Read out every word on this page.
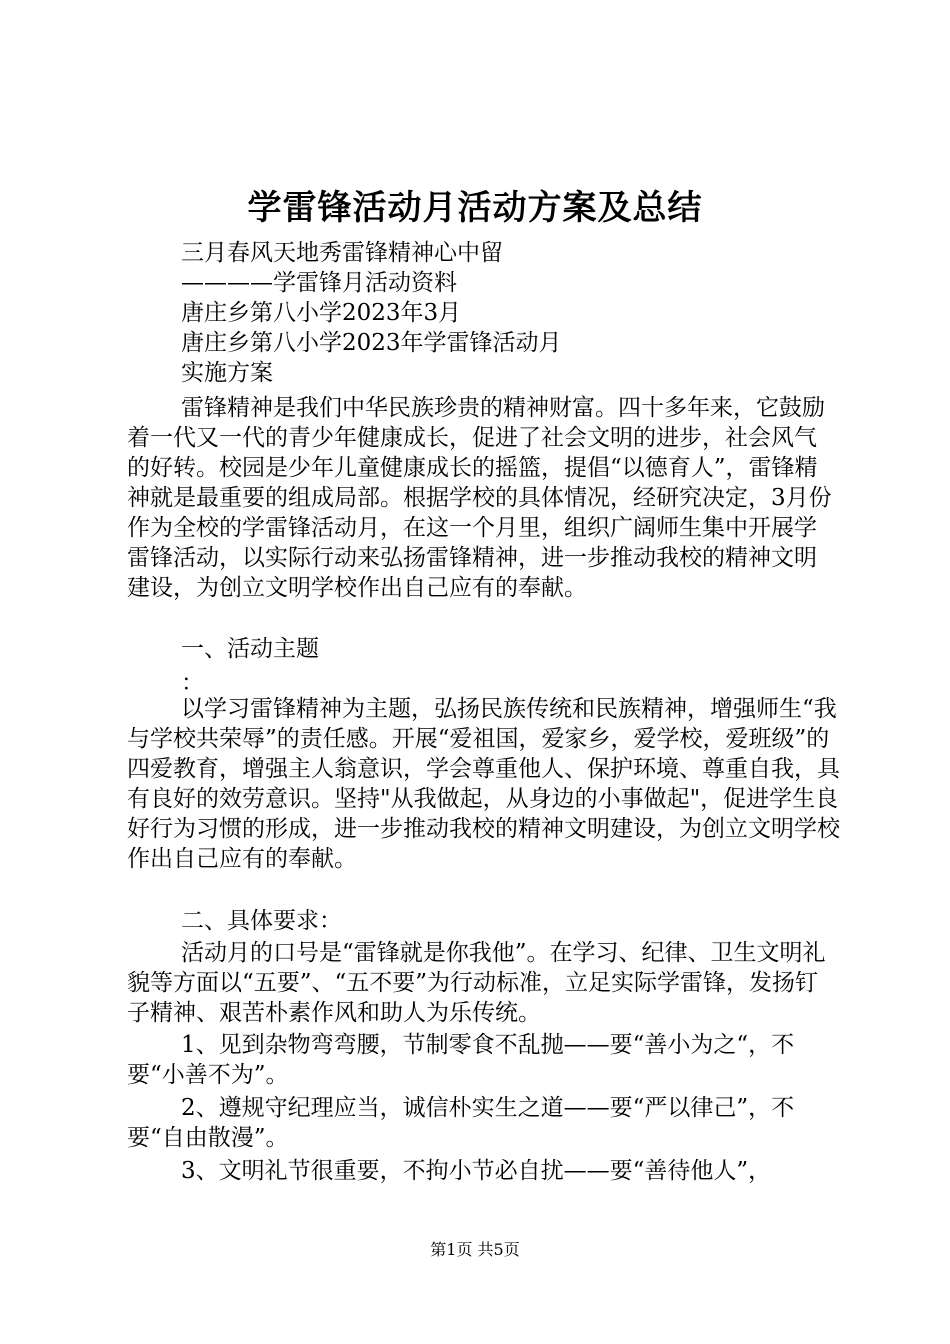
学雷锋活动月活动方案及总结
三月春风天地秀雷锋精神心中留
————学雷锋月活动资料
唐庄乡第八小学2023年3月
唐庄乡第八小学2023年学雷锋活动月
实施方案

雷锋精神是我们中华民族珍贵的精神财富。四十多年来，它鼓励着一代又一代的青少年健康成长，促进了社会文明的进步，社会风气的好转。校园是少年儿童健康成长的摇篮，提倡“以德育人”，雷锋精神就是最重要的组成局部。根据学校的具体情况，经研究决定，3月份作为全校的学雷锋活动月，在这一个月里，组织广阔师生集中开展学雷锋活动，以实际行动来弘扬雷锋精神，进一步推动我校的精神文明建设，为创立文明学校作出自己应有的奉献。

一、活动主题
：

以学习雷锋精神为主题，弘扬民族传统和民族精神，增强师生“我与学校共荣辱”的责任感。开展“爱祖国，爱家乡，爱学校，爱班级”的四爱教育，增强主人翁意识，学会尊重他人、保护环境、尊重自我，具有良好的效劳意识。坚持"从我做起，从身边的小事做起"，促进学生良好行为习惯的形成，进一步推动我校的精神文明建设，为创立文明学校作出自己应有的奉献。

二、具体要求：

活动月的口号是“雷锋就是你我他”。在学习、纪律、卫生文明礼貌等方面以“五要”、“五不要”为行动标准，立足实际学雷锋，发扬钉子精神、艰苦朴素作风和助人为乐传统。

1、见到杂物弯弯腰，节制零食不乱抛——要“善小为之“，不要“小善不为”。

2、遵规守纪理应当，诚信朴实生之道——要“严以律己”，不要“自由散漫”。

3、文明礼节很重要，不拘小节必自扰——要“善待他人”，

第1页 共5页
